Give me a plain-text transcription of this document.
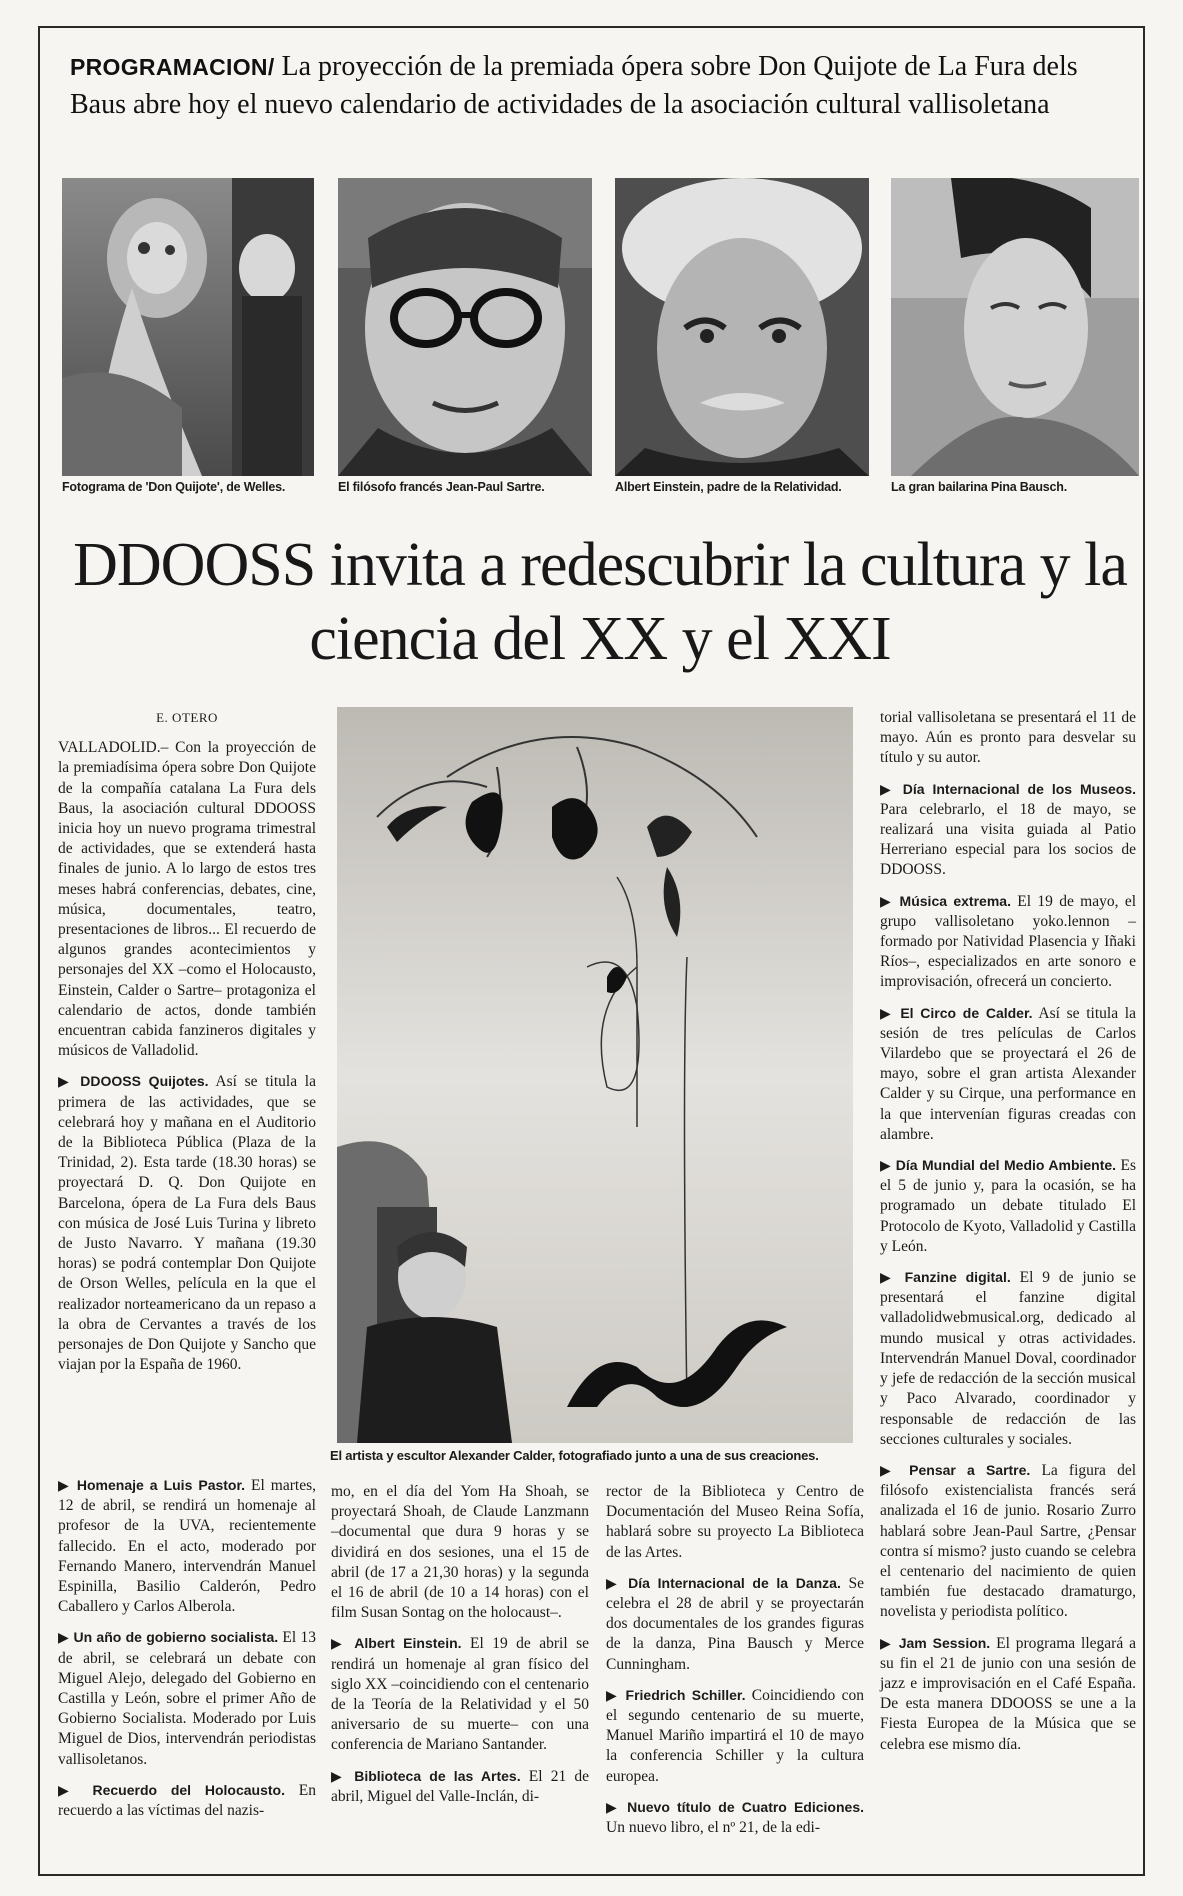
PROGRAMACION/ La proyección de la premiada ópera sobre Don Quijote de La Fura dels Baus abre hoy el nuevo calendario de actividades de la asociación cultural vallisoletana
Fotograma de 'Don Quijote', de Welles.	El filósofo francés Jean-Paul Sartre.	Albert Einstein, padre de la Relatividad.	La gran bailarina Pina Bausch.
DDOOSS invita a redescubrir la cultura y la ciencia del XX y el XXI

E. OTERO

VALLADOLID.– Con la proyección de la premiadísima ópera sobre Don Quijote de la compañía catalana La Fura dels Baus, la asociación cultural DDOOSS inicia hoy un nuevo programa trimestral de actividades, que se extenderá hasta finales de junio. A lo largo de estos tres meses habrá conferencias, debates, cine, música, documentales, teatro, presentaciones de libros... El recuerdo de algunos grandes acontecimientos y personajes del XX –como el Holocausto, Einstein, Calder o Sartre– protagoniza el calendario de actos, donde también encuentran cabida fanzineros digitales y músicos de Valladolid.

▶ DDOOSS Quijotes. Así se titula la primera de las actividades, que se celebrará hoy y mañana en el Auditorio de la Biblioteca Pública (Plaza de la Trinidad, 2). Esta tarde (18.30 horas) se proyectará D. Q. Don Quijote en Barcelona, ópera de La Fura dels Baus con música de José Luis Turina y libreto de Justo Navarro. Y mañana (19.30 horas) se podrá contemplar Don Quijote de Orson Welles, película en la que el realizador norteamericano da un repaso a la obra de Cervantes a través de los personajes de Don Quijote y Sancho que viajan por la España de 1960.

El artista y escultor Alexander Calder, fotografiado junto a una de sus creaciones.

▶ Homenaje a Luis Pastor. El martes, 12 de abril, se rendirá un homenaje al profesor de la UVA, recientemente fallecido. En el acto, moderado por Fernando Manero, intervendrán Manuel Espinilla, Basilio Calderón, Pedro Caballero y Carlos Alberola.

▶ Un año de gobierno socialista. El 13 de abril, se celebrará un debate con Miguel Alejo, delegado del Gobierno en Castilla y León, sobre el primer Año de Gobierno Socialista. Moderado por Luis Miguel de Dios, intervendrán periodistas vallisoletanos.

▶ Recuerdo del Holocausto. En recuerdo a las víctimas del nazis-

mo, en el día del Yom Ha Shoah, se proyectará Shoah, de Claude Lanzmann –documental que dura 9 horas y se dividirá en dos sesiones, una el 15 de abril (de 17 a 21,30 horas) y la segunda el 16 de abril (de 10 a 14 horas) con el film Susan Sontag on the holocaust–.

▶ Albert Einstein. El 19 de abril se rendirá un homenaje al gran físico del siglo XX –coincidiendo con el centenario de la Teoría de la Relatividad y el 50 aniversario de su muerte– con una conferencia de Mariano Santander.

▶ Biblioteca de las Artes. El 21 de abril, Miguel del Valle-Inclán, di-

rector de la Biblioteca y Centro de Documentación del Museo Reina Sofía, hablará sobre su proyecto La Biblioteca de las Artes.

▶ Día Internacional de la Danza. Se celebra el 28 de abril y se proyectarán dos documentales de los grandes figuras de la danza, Pina Bausch y Merce Cunningham.

▶ Friedrich Schiller. Coincidiendo con el segundo centenario de su muerte, Manuel Mariño impartirá el 10 de mayo la conferencia Schiller y la cultura europea.

▶ Nuevo título de Cuatro Ediciones. Un nuevo libro, el nº 21, de la edi-

torial vallisoletana se presentará el 11 de mayo. Aún es pronto para desvelar su título y su autor.

▶ Día Internacional de los Museos. Para celebrarlo, el 18 de mayo, se realizará una visita guiada al Patio Herreriano especial para los socios de DDOOSS.

▶ Música extrema. El 19 de mayo, el grupo vallisoletano yoko.lennon –formado por Natividad Plasencia y Iñaki Ríos–, especializados en arte sonoro e improvisación, ofrecerá un concierto.

▶ El Circo de Calder. Así se titula la sesión de tres películas de Carlos Vilardebo que se proyectará el 26 de mayo, sobre el gran artista Alexander Calder y su Cirque, una performance en la que intervenían figuras creadas con alambre.

▶ Día Mundial del Medio Ambiente. Es el 5 de junio y, para la ocasión, se ha programado un debate titulado El Protocolo de Kyoto, Valladolid y Castilla y León.

▶ Fanzine digital. El 9 de junio se presentará el fanzine digital valladolidwebmusical.org, dedicado al mundo musical y otras actividades. Intervendrán Manuel Doval, coordinador y jefe de redacción de la sección musical y Paco Alvarado, coordinador y responsable de redacción de las secciones culturales y sociales.

▶ Pensar a Sartre. La figura del filósofo existencialista francés será analizada el 16 de junio. Rosario Zurro hablará sobre Jean-Paul Sartre, ¿Pensar contra sí mismo? justo cuando se celebra el centenario del nacimiento de quien también fue destacado dramaturgo, novelista y periodista político.

▶ Jam Session. El programa llegará a su fin el 21 de junio con una sesión de jazz e improvisación en el Café España. De esta manera DDOOSS se une a la Fiesta Europea de la Música que se celebra ese mismo día.
